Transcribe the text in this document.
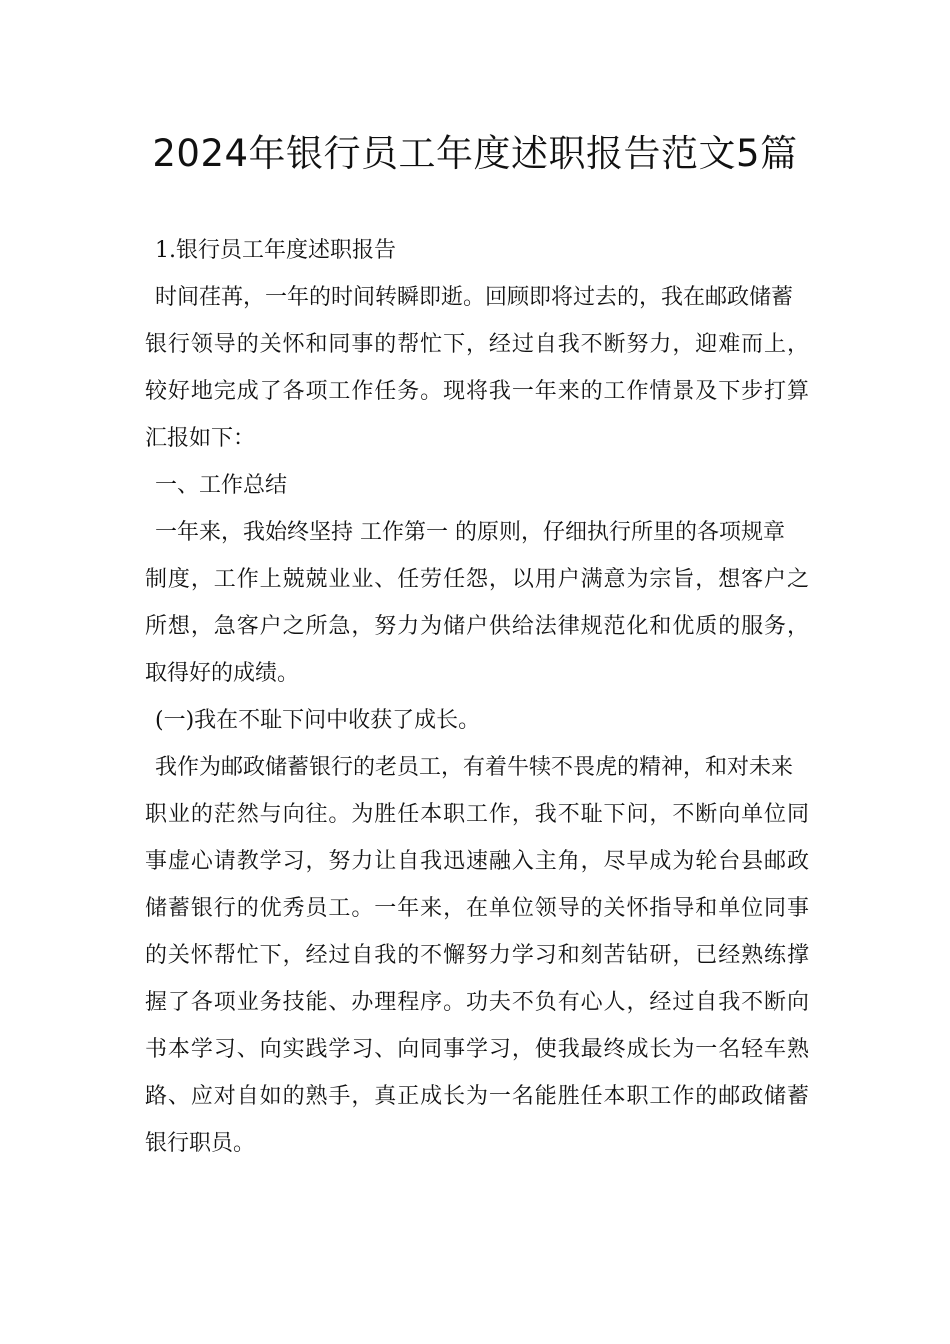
2024年银行员工年度述职报告范文5篇
1.银行员工年度述职报告
时间荏苒，一年的时间转瞬即逝。回顾即将过去的，我在邮政储蓄
银行领导的关怀和同事的帮忙下，经过自我不断努力，迎难而上，
较好地完成了各项工作任务。现将我一年来的工作情景及下步打算
汇报如下：
一、工作总结
一年来，我始终坚持 工作第一 的原则，仔细执行所里的各项规章
制度，工作上兢兢业业、任劳任怨，以用户满意为宗旨，想客户之
所想，急客户之所急，努力为储户供给法律规范化和优质的服务，
取得好的成绩。
(一)我在不耻下问中收获了成长。
我作为邮政储蓄银行的老员工，有着牛犊不畏虎的精神，和对未来
职业的茫然与向往。为胜任本职工作，我不耻下问，不断向单位同
事虚心请教学习，努力让自我迅速融入主角，尽早成为轮台县邮政
储蓄银行的优秀员工。一年来，在单位领导的关怀指导和单位同事
的关怀帮忙下，经过自我的不懈努力学习和刻苦钻研，已经熟练撑
握了各项业务技能、办理程序。功夫不负有心人，经过自我不断向
书本学习、向实践学习、向同事学习，使我最终成长为一名轻车熟
路、应对自如的熟手，真正成长为一名能胜任本职工作的邮政储蓄
银行职员。
